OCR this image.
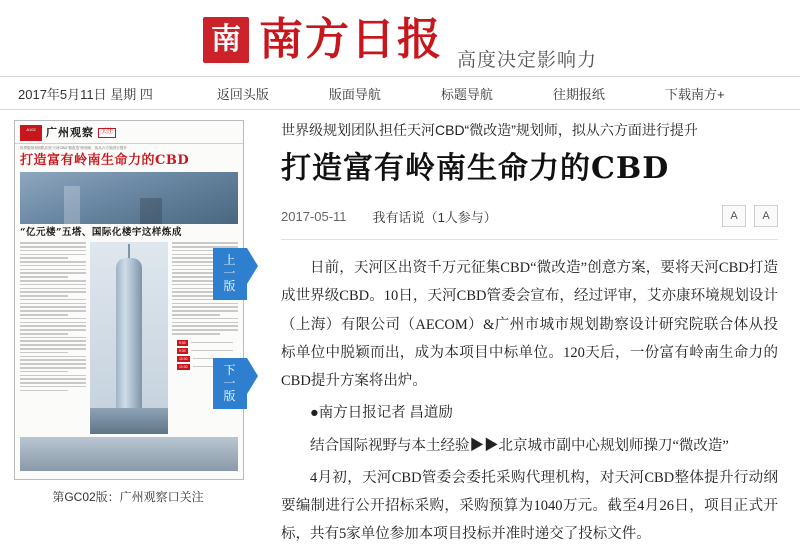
南 南方日报 高度决定影响力
2017年5月11日 星期 四	返回头版	版面导航	标题导航	往期报纸	下载南方+
A102 广州观察	关注
世界级规划团队担任天河CBD“微改造”规划师，拟从六方面进行提升
打造富有岭南生命力的CBD
“亿元楼”五塔、国际化楼宇这样炼成
9:00
9:30
10:00
10:30
第GC02版：广州观察口关注
上一版
下一版
世界级规划团队担任天河CBD“微改造”规划师，拟从六方面进行提升
打造富有岭南生命力的CBD
2017-05-11 我有话说 （1人参与）	A	A

日前，天河区出资千万元征集CBD“微改造”创意方案，要将天河CBD打造成世界级CBD。10日，天河CBD管委会宣布，经过评审，艾亦康环境规划设计（上海）有限公司（AECOM）&广州市城市规划勘察设计研究院联合体从投标单位中脱颖而出，成为本项目中标单位。120天后，一份富有岭南生命力的CBD提升方案将出炉。

●南方日报记者 昌道励

结合国际视野与本土经验▶▶北京城市副中心规划师操刀“微改造”

4月初，天河CBD管委会委托采购代理机构，对天河CBD整体提升行动纲要编制进行公开招标采购，采购预算为1040万元。截至4月26日，项目正式开标，共有5家单位参加本项目投标并准时递交了投标文件。
